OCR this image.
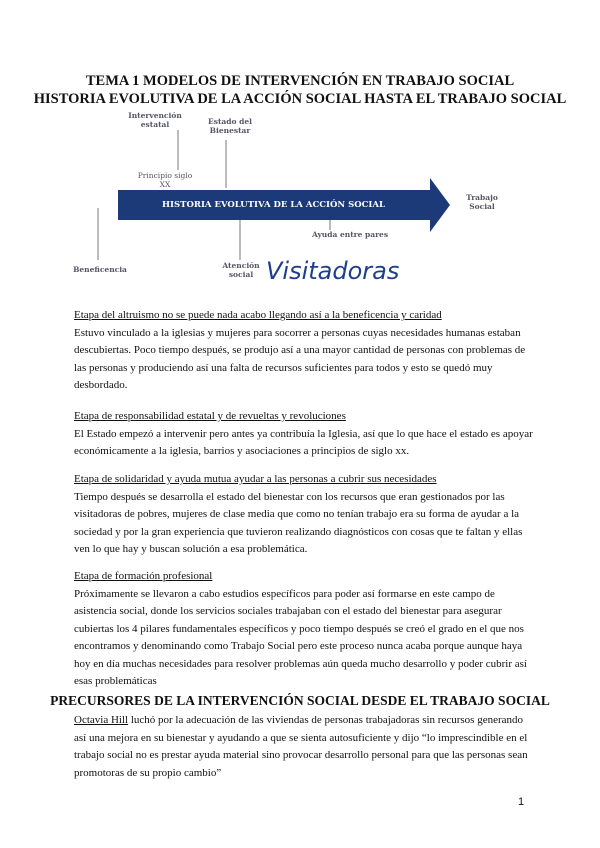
TEMA 1 MODELOS DE INTERVENCIÓN EN TRABAJO SOCIAL
HISTORIA EVOLUTIVA DE LA ACCIÓN SOCIAL HASTA EL TRABAJO SOCIAL
Intervención
estatal	Estado del
Bienestar
Principio siglo
XX
HISTORIA EVOLUTIVA DE LA ACCIÓN SOCIAL
Trabajo
Social
Ayuda entre pares
Beneficencia	Atención
social Visitadoras

Etapa del altruismo no se puede nada acabo llegando así a la beneficencia y caridad

Estuvo vinculado a la iglesias y mujeres para socorrer a personas cuyas necesidades humanas estaban descubiertas. Poco tiempo después, se produjo así a una mayor cantidad de personas con problemas de las personas y produciendo así una falta de recursos suficientes para todos y esto se quedó muy desbordado.

Etapa de responsabilidad estatal y de revueltas y revoluciones

El Estado empezó a intervenir pero antes ya contribuía la Iglesia, así que lo que hace el estado es apoyar económicamente a la iglesia, barrios y asociaciones a principios de siglo xx.

Etapa de solidaridad y ayuda mutua ayudar a las personas a cubrir sus necesidades

Tiempo después se desarrolla el estado del bienestar con los recursos que eran gestionados por las visitadoras de pobres, mujeres de clase media que como no tenían trabajo era su forma de ayudar a la sociedad y por la gran experiencia que tuvieron realizando diagnósticos con cosas que te faltan y ellas ven lo que hay y buscan solución a esa problemática.

Etapa de formación profesional

Próximamente se llevaron a cabo estudios específicos para poder así formarse en este campo de asistencia social, donde los servicios sociales trabajaban con el estado del bienestar para asegurar cubiertas los 4 pilares fundamentales específicos y poco tiempo después se creó el grado en el que nos encontramos y denominando como Trabajo Social pero este proceso nunca acaba porque aunque haya hoy en día muchas necesidades para resolver problemas aún queda mucho desarrollo y poder cubrir así esas problemáticas

PRECURSORES DE LA INTERVENCIÓN SOCIAL DESDE EL TRABAJO SOCIAL

Octavia Hill luchó por la adecuación de las viviendas de personas trabajadoras sin recursos generando así una mejora en su bienestar y ayudando a que se sienta autosuficiente y dijo “lo imprescindible en el trabajo social no es prestar ayuda material sino provocar desarrollo personal para que las personas sean promotoras de su propio cambio”

1
